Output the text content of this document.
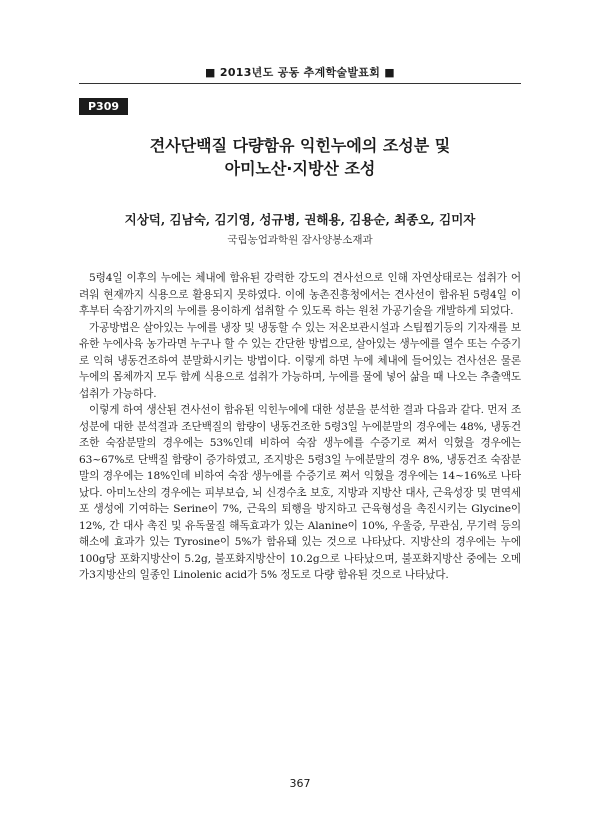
■ 2013년도 공동 추계학술발표회 ■
P309
견사단백질 다량함유 익힌누에의 조성분 및
아미노산·지방산 조성
지상덕, 김남숙, 김기영, 성규병, 권해용, 김용순, 최종오, 김미자
국립농업과학원 잠사양봉소재과

5령4일 이후의 누에는 체내에 함유된 강력한 강도의 견사선으로 인해 자연상태로는 섭취가 어려워 현재까지 식용으로 활용되지 못하였다. 이에 농촌진흥청에서는 견사선이 함유된 5령4일 이후부터 숙잠기까지의 누에를 용이하게 섭취할 수 있도록 하는 원천 가공기술을 개발하게 되었다.

가공방법은 살아있는 누에를 냉장 및 냉동할 수 있는 저온보관시설과 스팀찜기등의 기자재를 보유한 누에사육 농가라면 누구나 할 수 있는 간단한 방법으로, 살아있는 생누에를 열수 또는 수증기로 익혀 냉동건조하여 분말화시키는 방법이다. 이렇게 하면 누에 체내에 들어있는 견사선은 물론 누에의 몸체까지 모두 함께 식용으로 섭취가 가능하며, 누에를 물에 넣어 삶을 때 나오는 추출액도 섭취가 가능하다.

이렇게 하여 생산된 견사선이 함유된 익힌누에에 대한 성분을 분석한 결과 다음과 같다. 먼저 조성분에 대한 분석결과 조단백질의 함량이 냉동건조한 5령3일 누에분말의 경우에는 48%, 냉동건조한 숙잠분말의 경우에는 53%인데 비하여 숙잠 생누에를 수증기로 쪄서 익혔을 경우에는 63~67%로 단백질 함량이 증가하였고, 조지방은 5령3일 누에분말의 경우 8%, 냉동건조 숙잠분말의 경우에는 18%인데 비하여 숙잠 생누에를 수증기로 쪄서 익혔을 경우에는 14~16%로 나타났다. 아미노산의 경우에는 피부보습, 뇌 신경수초 보호, 지방과 지방산 대사, 근육성장 및 면역세포 생성에 기여하는 Serine이 7%, 근육의 퇴행을 방지하고 근육형성을 촉진시키는 Glycine이 12%, 간 대사 촉진 및 유독물질 해독효과가 있는 Alanine이 10%, 우울증, 무관심, 무기력 등의 해소에 효과가 있는 Tyrosine이 5%가 함유돼 있는 것으로 나타났다. 지방산의 경우에는 누에 100g당 포화지방산이 5.2g, 불포화지방산이 10.2g으로 나타났으며, 불포화지방산 중에는 오메가3지방산의 일종인 Linolenic acid가 5% 정도로 다량 함유된 것으로 나타났다.

367
